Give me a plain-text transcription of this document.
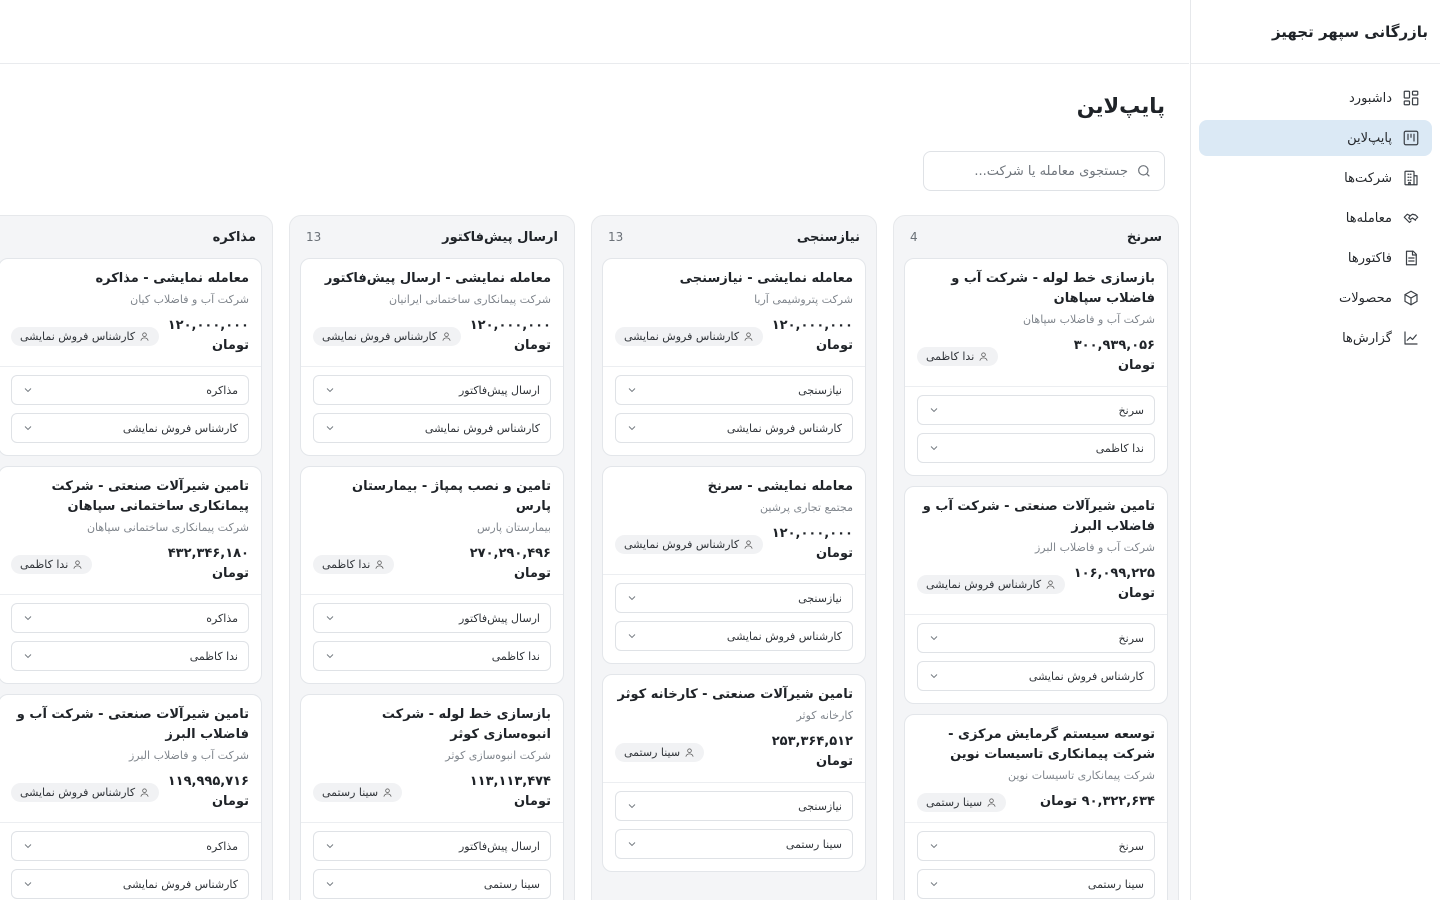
بازرگانی سپهر تجهیز
داشبورد
پایپ‌لاین
شرکت‌ها
معامله‌ها
فاکتورها
محصولات
گزارش‌ها
پایپ‌لاین
جستجوی معامله یا شرکت...
سرنخ
4
بازسازی خط لوله - شرکت آب و فاضلاب سپاهان
شرکت آب و فاضلاب سپاهان
۳۰۰,۹۳۹,۰۵۶ تومان
ندا کاظمی
سرنخ
ندا کاظمی
تامین شیرآلات صنعتی - شرکت آب و فاضلاب البرز
شرکت آب و فاضلاب البرز
۱۰۶,۰۹۹,۲۲۵ تومان
کارشناس فروش نمایشی
سرنخ
کارشناس فروش نمایشی
توسعه سیستم گرمایش مرکزی - شرکت پیمانکاری تاسیسات نوین
شرکت پیمانکاری تاسیسات نوین
۹۰,۳۲۲,۶۳۴ تومان
سینا رستمی
سرنخ
سینا رستمی
نیازسنجی
13
معامله نمایشی - نیازسنجی
شرکت پتروشیمی آریا
۱۲۰,۰۰۰,۰۰۰ تومان
کارشناس فروش نمایشی
نیازسنجی
کارشناس فروش نمایشی
معامله نمایشی - سرنخ
مجتمع تجاری پرشین
۱۲۰,۰۰۰,۰۰۰ تومان
کارشناس فروش نمایشی
نیازسنجی
کارشناس فروش نمایشی
تامین شیرآلات صنعتی - کارخانه کوثر
کارخانه کوثر
۲۵۳,۳۶۴,۵۱۲ تومان
سینا رستمی
نیازسنجی
سینا رستمی
ارسال پیش‌فاکتور
13
معامله نمایشی - ارسال پیش‌فاکتور
شرکت پیمانکاری ساختمانی ایرانیان
۱۲۰,۰۰۰,۰۰۰ تومان
کارشناس فروش نمایشی
ارسال پیش‌فاکتور
کارشناس فروش نمایشی
تامین و نصب پمپاژ - بیمارستان پارس
بیمارستان پارس
۲۷۰,۲۹۰,۴۹۶ تومان
ندا کاظمی
ارسال پیش‌فاکتور
ندا کاظمی
بازسازی خط لوله - شرکت انبوه‌سازی کوثر
شرکت انبوه‌سازی کوثر
۱۱۳,۱۱۳,۴۷۴ تومان
سینا رستمی
ارسال پیش‌فاکتور
سینا رستمی
مذاکره
معامله نمایشی - مذاکره
شرکت آب و فاضلاب کیان
۱۲۰,۰۰۰,۰۰۰ تومان
کارشناس فروش نمایشی
مذاکره
کارشناس فروش نمایشی
تامین شیرآلات صنعتی - شرکت پیمانکاری ساختمانی سپاهان
شرکت پیمانکاری ساختمانی سپاهان
۴۳۲,۳۴۶,۱۸۰ تومان
ندا کاظمی
مذاکره
ندا کاظمی
تامین شیرآلات صنعتی - شرکت آب و فاضلاب البرز
شرکت آب و فاضلاب البرز
۱۱۹,۹۹۵,۷۱۶ تومان
کارشناس فروش نمایشی
مذاکره
کارشناس فروش نمایشی
